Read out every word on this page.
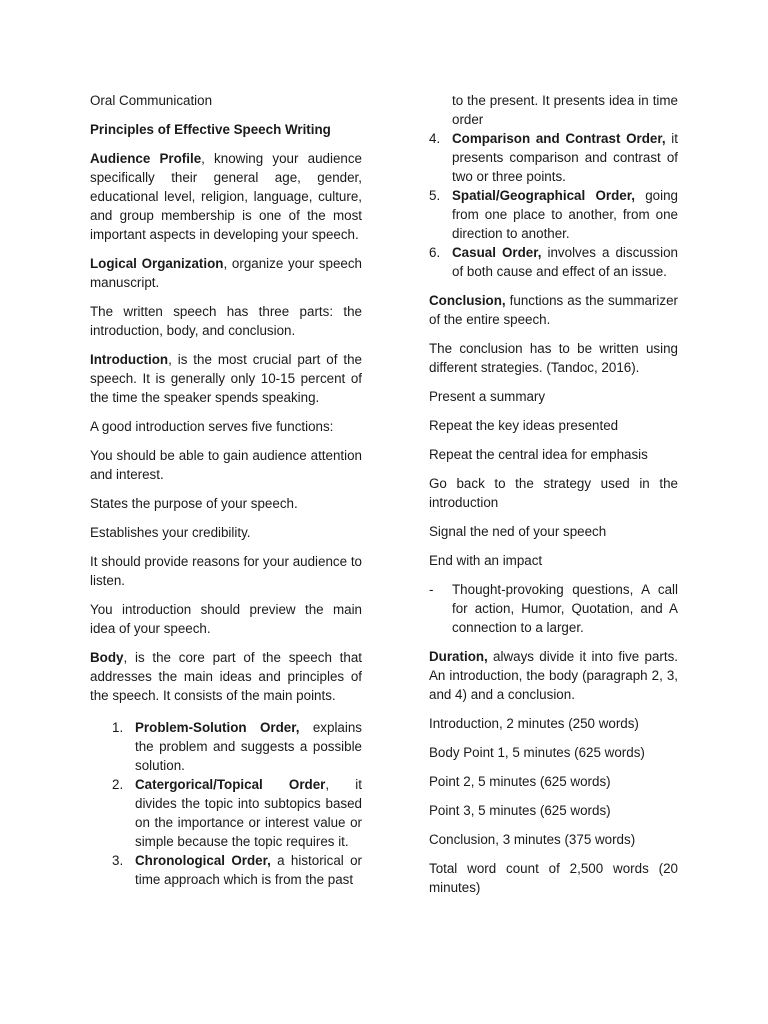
Oral Communication

Principles of Effective Speech Writing

Audience Profile, knowing your audience specifically their general age, gender, educational level, religion, language, culture, and group membership is one of the most important aspects in developing your speech.

Logical Organization, organize your speech manuscript.

The written speech has three parts: the introduction, body, and conclusion.

Introduction, is the most crucial part of the speech. It is generally only 10-15 percent of the time the speaker spends speaking.

A good introduction serves five functions:

You should be able to gain audience attention and interest.

States the purpose of your speech.

Establishes your credibility.

It should provide reasons for your audience to listen.

You introduction should preview the main idea of your speech.

Body, is the core part of the speech that addresses the main ideas and principles of the speech. It consists of the main points.

1. Problem-Solution Order, explains the problem and suggests a possible solution.
2. Catergorical/Topical Order, it divides the topic into subtopics based on the importance or interest value or simple because the topic requires it.
3. Chronological Order, a historical or time approach which is from the past
to the present. It presents idea in time order
4. Comparison and Contrast Order, it presents comparison and contrast of two or three points.
5. Spatial/Geographical Order, going from one place to another, from one direction to another.
6. Casual Order, involves a discussion of both cause and effect of an issue.

Conclusion, functions as the summarizer of the entire speech.

The conclusion has to be written using different strategies. (Tandoc, 2016).

Present a summary

Repeat the key ideas presented

Repeat the central idea for emphasis

Go back to the strategy used in the introduction

Signal the ned of your speech

End with an impact

- Thought-provoking questions, A call for action, Humor, Quotation, and A connection to a larger.

Duration, always divide it into five parts. An introduction, the body (paragraph 2, 3, and 4) and a conclusion.

Introduction, 2 minutes (250 words)

Body Point 1, 5 minutes (625 words)

Point 2, 5 minutes (625 words)

Point 3, 5 minutes (625 words)

Conclusion, 3 minutes (375 words)

Total word count of 2,500 words (20 minutes)
